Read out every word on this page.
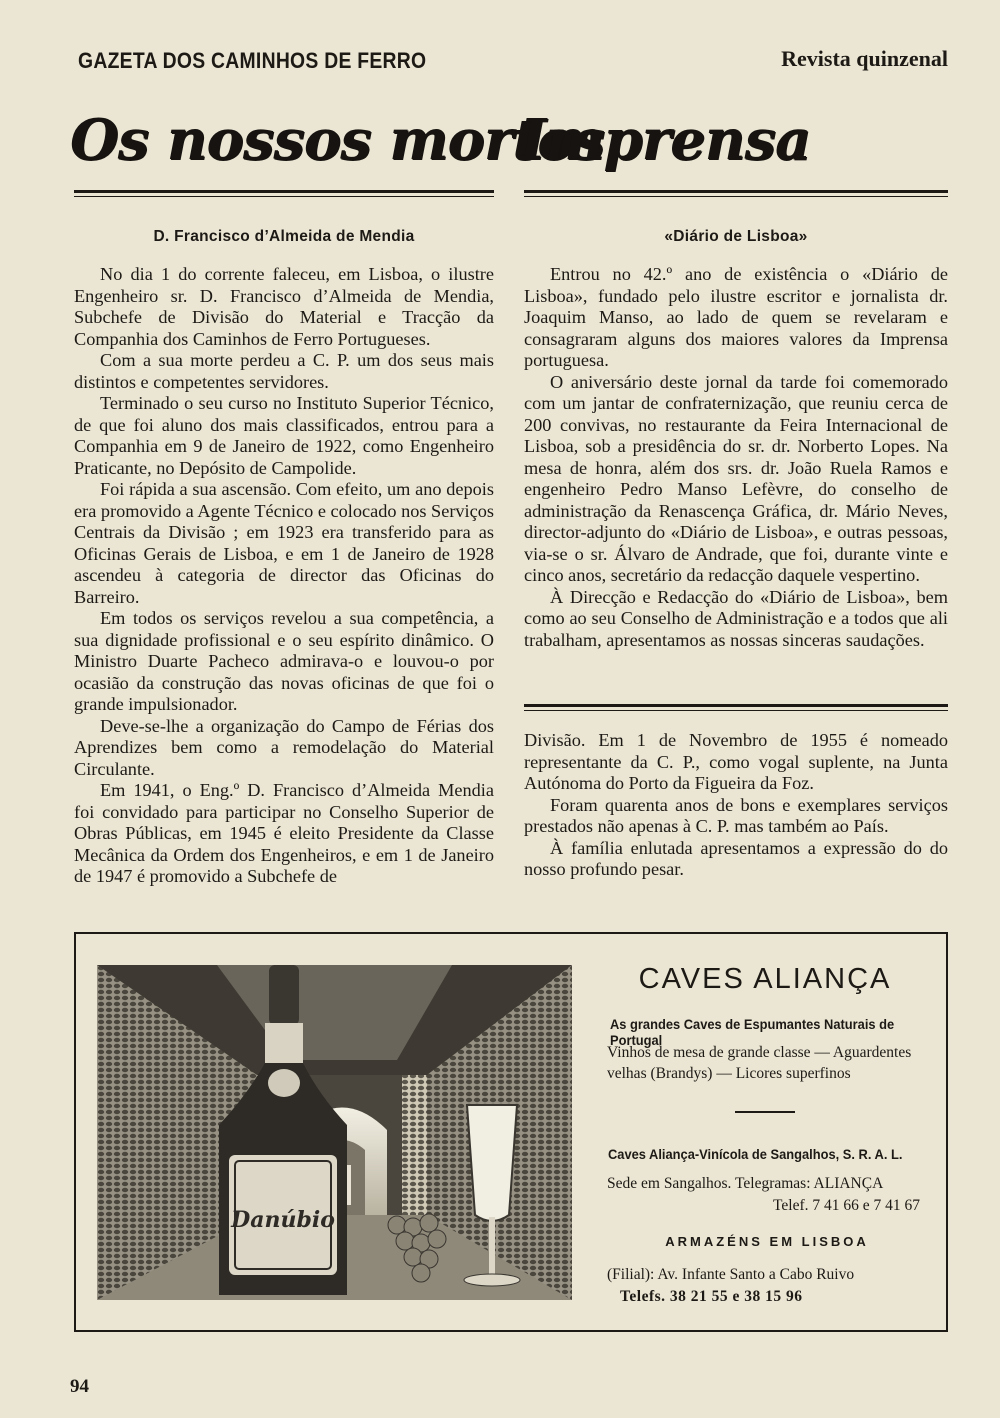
GAZETA DOS CAMINHOS DE FERRO	Revista quinzenal
Os nossos mortos
Imprensa
D. Francisco d’Almeida de Mendia	«Diário de Lisboa»

No dia 1 do corrente faleceu, em Lisboa, o ilustre Engenheiro sr. D. Francisco d’Almeida de Mendia, Subchefe de Divisão do Material e Tracção da Companhia dos Caminhos de Ferro Portugueses.

Com a sua morte perdeu a C. P. um dos seus mais distintos e competentes servidores.

Terminado o seu curso no Instituto Superior Técnico, de que foi aluno dos mais classificados, entrou para a Companhia em 9 de Janeiro de 1922, como Engenheiro Praticante, no Depósito de Campolide.

Foi rápida a sua ascensão. Com efeito, um ano depois era promovido a Agente Técnico e colocado nos Serviços Centrais da Divisão ; em 1923 era transferido para as Oficinas Gerais de Lisboa, e em 1 de Janeiro de 1928 ascendeu à categoria de director das Oficinas do Barreiro.

Em todos os serviços revelou a sua competência, a sua dignidade profissional e o seu espírito dinâmico. O Ministro Duarte Pacheco admirava-o e louvou-o por ocasião da construção das novas oficinas de que foi o grande impulsionador.

Deve-se-lhe a organização do Campo de Férias dos Aprendizes bem como a remodelação do Material Circulante.

Em 1941, o Eng.º D. Francisco d’Almeida Mendia foi convidado para participar no Conselho Superior de Obras Públicas, em 1945 é eleito Presidente da Classe Mecânica da Ordem dos Engenheiros, e em 1 de Janeiro de 1947 é promovido a Subchefe de

Entrou no 42.º ano de existência o «Diário de Lisboa», fundado pelo ilustre escritor e jornalista dr. Joaquim Manso, ao lado de quem se revelaram e consagraram alguns dos maiores valores da Imprensa portuguesa.

O aniversário deste jornal da tarde foi comemorado com um jantar de confraternização, que reuniu cerca de 200 convivas, no restaurante da Feira Internacional de Lisboa, sob a presidência do sr. dr. Norberto Lopes. Na mesa de honra, além dos srs. dr. João Ruela Ramos e engenheiro Pedro Manso Lefèvre, do conselho de administração da Renascença Gráfica, dr. Mário Neves, director-adjunto do «Diário de Lisboa», e outras pessoas, via-se o sr. Álvaro de Andrade, que foi, durante vinte e cinco anos, secretário da redacção daquele vespertino.

À Direcção e Redacção do «Diário de Lisboa», bem como ao seu Conselho de Administração e a todos que ali trabalham, apresentamos as nossas sinceras saudações.

Divisão. Em 1 de Novembro de 1955 é nomeado representante da C. P., como vogal suplente, na Junta Autónoma do Porto da Figueira da Foz.

Foram quarenta anos de bons e exemplares serviços prestados não apenas à C. P. mas também ao País.

À família enlutada apresentamos a expressão do do nosso profundo pesar.

Danúbio
CAVES ALIANÇA
As grandes Caves de Espumantes Naturais de Portugal
Vinhos de mesa de grande classe — Aguardentes velhas (Brandys) — Licores superfinos
Caves Aliança-Vinícola de Sangalhos, S. R. A. L.
Sede em Sangalhos. Telegramas: ALIANÇA
Telef. 7 41 66 e 7 41 67
ARMAZÉNS EM LISBOA
(Filial): Av. Infante Santo a Cabo Ruivo
Telefs. 38 21 55 e 38 15 96
94
